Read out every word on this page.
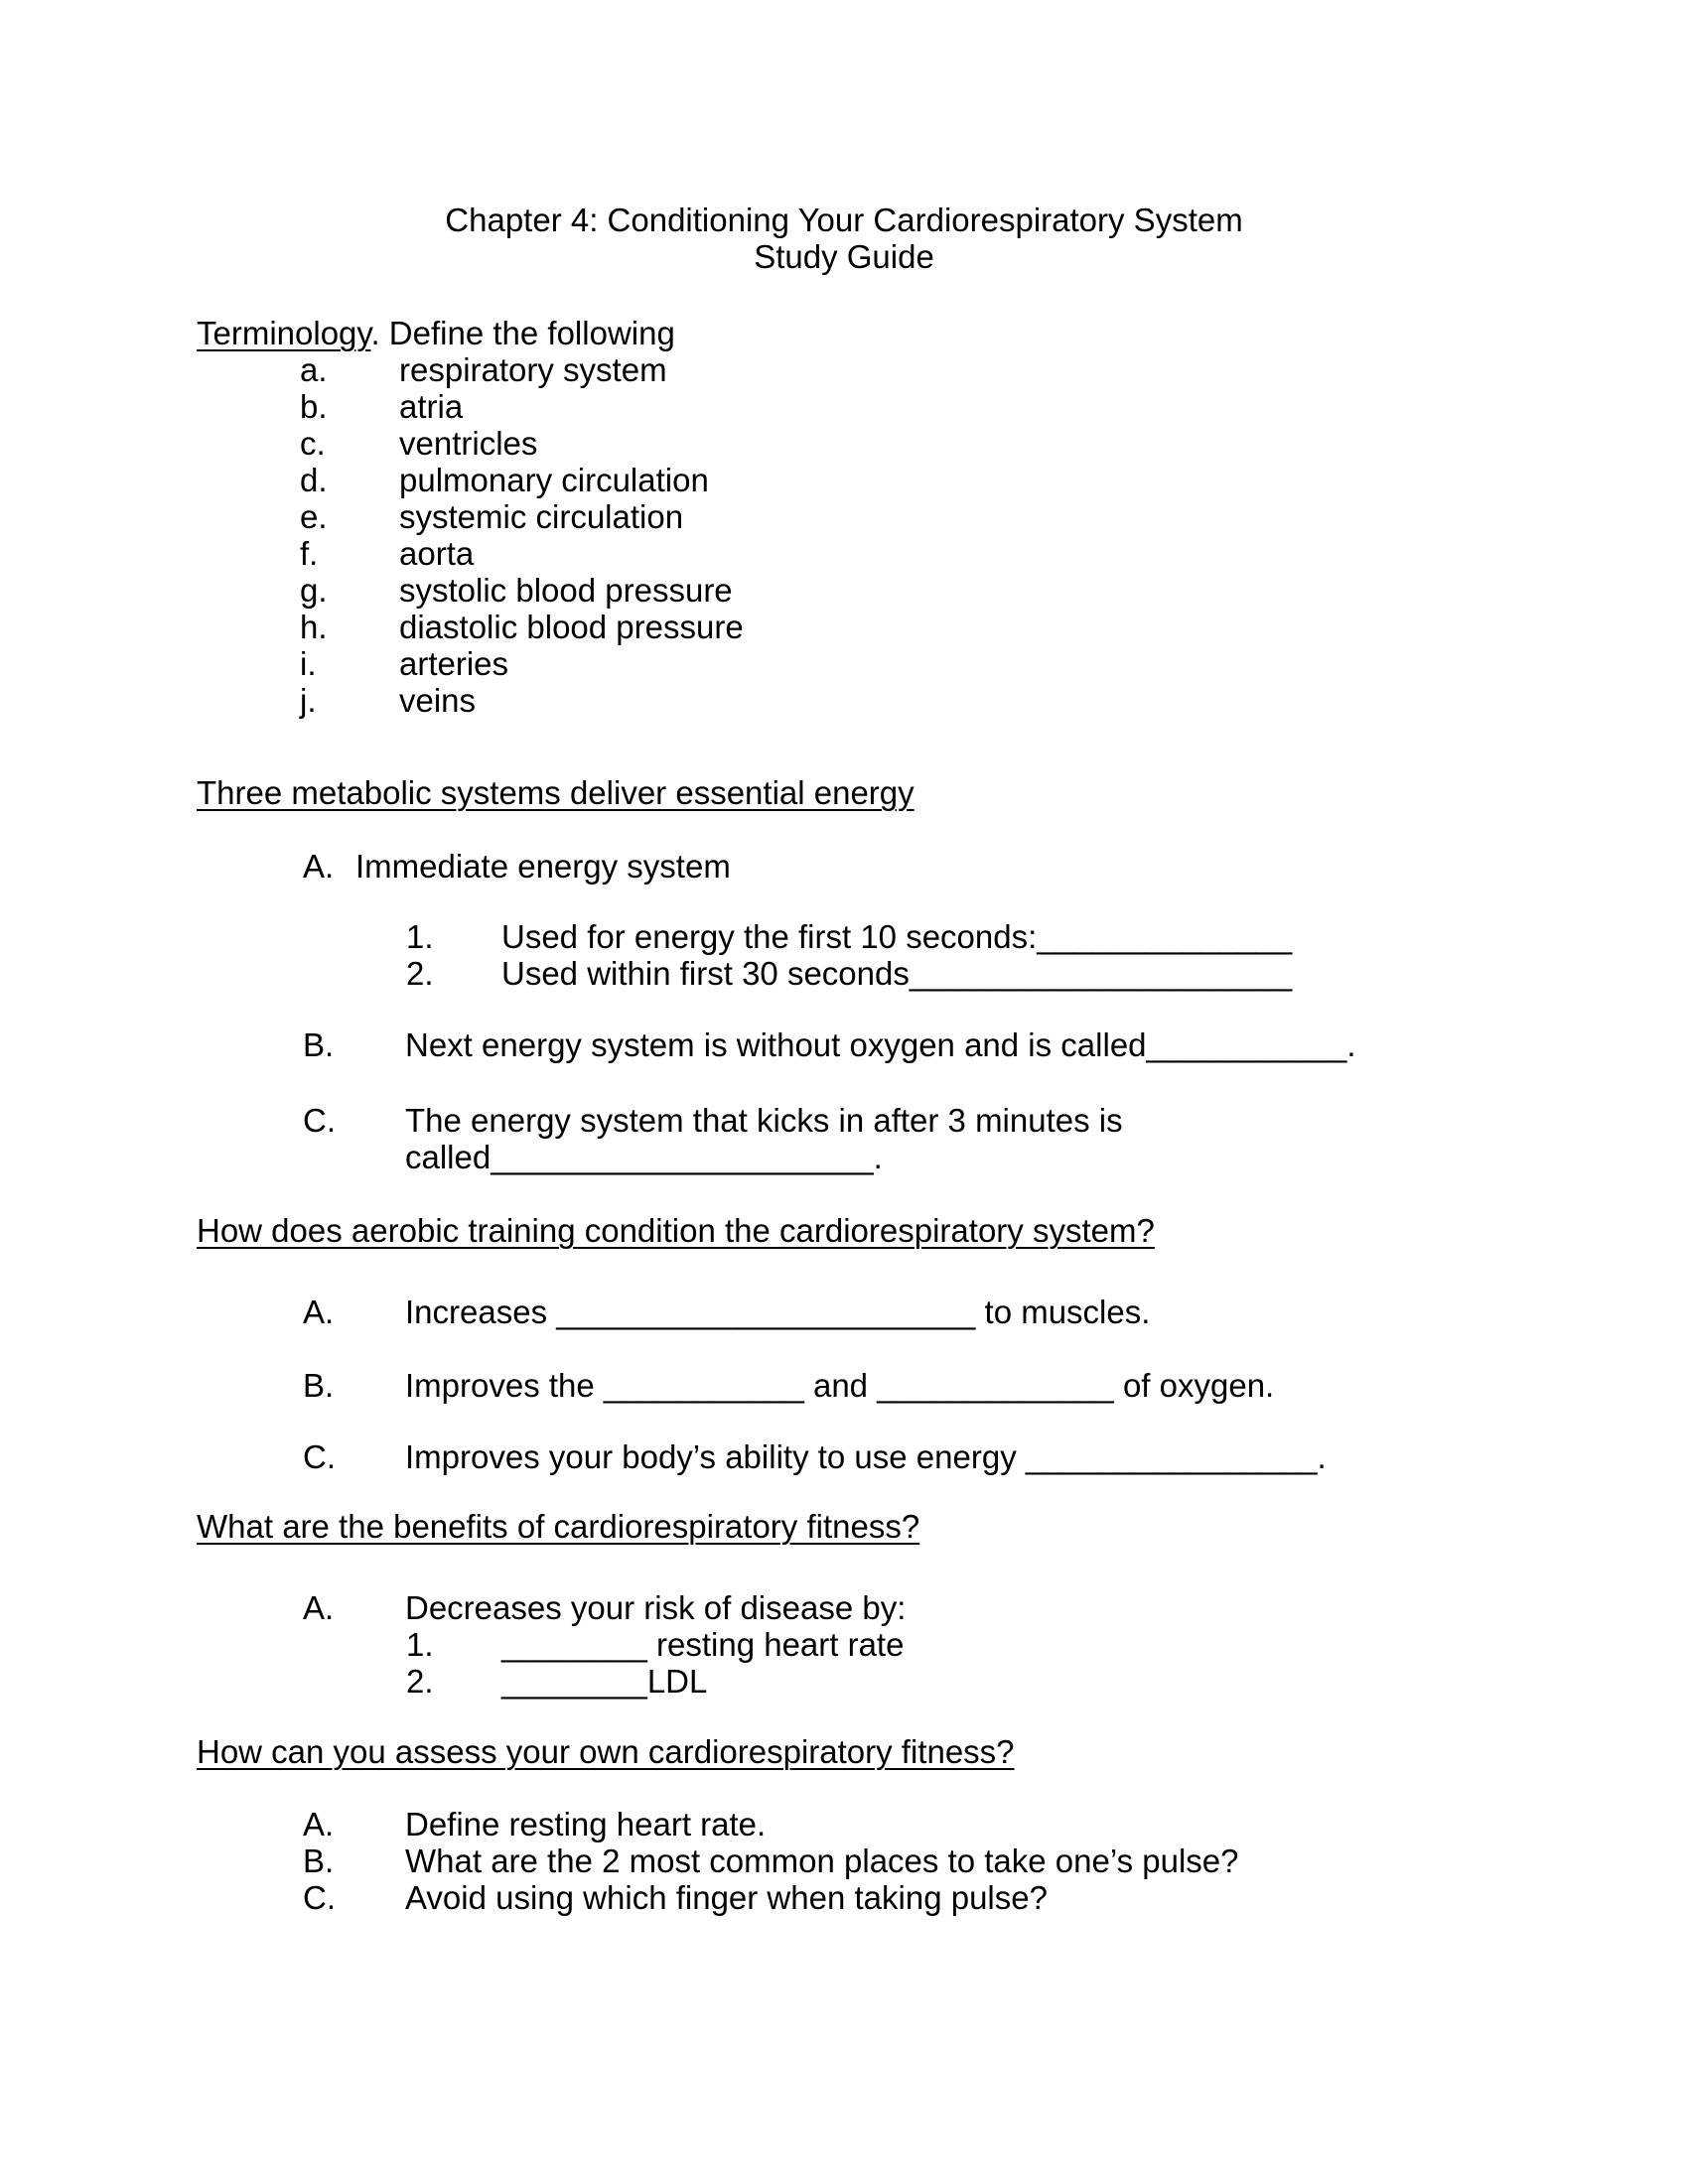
Chapter 4: Conditioning Your Cardiorespiratory System
Study Guide
Terminology. Define the following
a. respiratory system
b. atria
c. ventricles
d. pulmonary circulation
e. systemic circulation
f. aorta
g. systolic blood pressure
h. diastolic blood pressure
i.	arteries
j.	veins
Three metabolic systems deliver essential energy
A. Immediate energy system
1. Used for energy the first 10 seconds:______________
2. Used within first 30 seconds_____________________
B. Next energy system is without oxygen and is called___________.
C. The energy system that kicks in after 3 minutes is
called_____________________.
How does aerobic training condition the cardiorespiratory system?
A. Increases _______________________ to muscles.
B. Improves the ___________ and _____________ of oxygen.
C. Improves your body’s ability to use energy ________________.
What are the benefits of cardiorespiratory fitness?
A. Decreases your risk of disease by:
1. ________ resting heart rate
2. ________LDL
How can you assess your own cardiorespiratory fitness?
A. Define resting heart rate.
B. What are the 2 most common places to take one’s pulse?
C. Avoid using which finger when taking pulse?
